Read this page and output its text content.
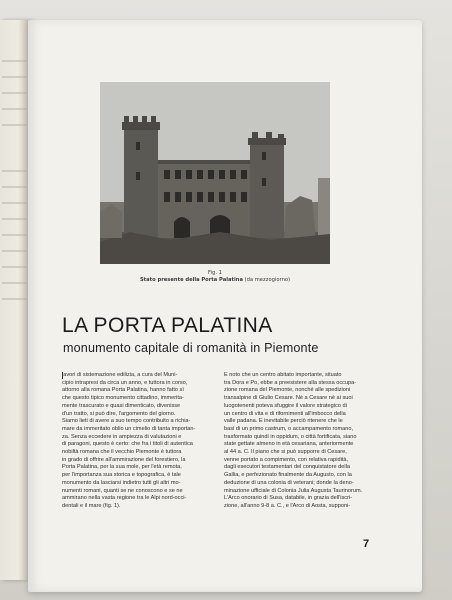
Fig. 1
Stato presente della Porta Palatina (da mezzogiorno)
LA PORTA PALATINA
monumento capitale di romanità in Piemonte
lavori di sistemazione edilizia, a cura del Muni-
cipio intrapresi da circa un anno, e tuttora in corso,
attorno alla romana Porta Palatina, hanno fatto sì
che questo tipico monumento cittadino, immerita-
mente trascurato e quasi dimenticato, divenisse
d'un tratto, si può dire, l'argomento del giorno.
Siamo lieti di avere a suo tempo contribuito a richia-
mare da immeritato oblio un cimelio di tanta importan-
za. Senza eccedere in ampiezza di valutazioni e
di paragoni, questo è certo: che fra i titoli di autentica
nobiltà romana che il vecchio Piemonte è tuttora
in grado di offrire all'ammirazione del forestiero, la
Porta Palatina, per la sua mole, per l'età remota,
per l'importanza sua storica e topografica, è tale
monumento da lasciarsi indietro tutti gli altri mo-
numenti romani, quanti se ne conoscono e se ne
ammirano nella vasta regione tra le Alpi nord-occi-
dentali e il mare (fig. 1).
È noto che un centro abitato importante, situato
tra Dora e Po, ebbe a preesistere alla stessa occupa-
zione romana del Piemonte, nonché alle spedizioni
transalpine di Giulio Cesare. Nè a Cesare nè ai suoi
luogotenenti poteva sfuggire il valore strategico di
un centro di vita e di rifornimenti all'imbocco della
valle padana. È inevitabile perciò ritenere che le
basi di un primo castrum, o accampamento romano,
trasformato quindi in oppidum, o città fortificata, siano
state gettate almeno in età cesariana, anteriormente
al 44 a. C. Il piano che si può supporre di Cesare,
venne portato a compimento, con relativa rapidità,
dagli esecutori testamentari del conquistatore della
Gallia, e perfezionato finalmente da Augusto, con la
deduzione di una colonia di veterani; donde la deno-
minazione ufficiale di Colonia Julia Augusta Taurinorum.
L'Arco onorario di Susa, databile, in grazia dell'iscri-
zione, all'anno 9-8 a. C., e l'Arco di Aosta, supponi-
7
